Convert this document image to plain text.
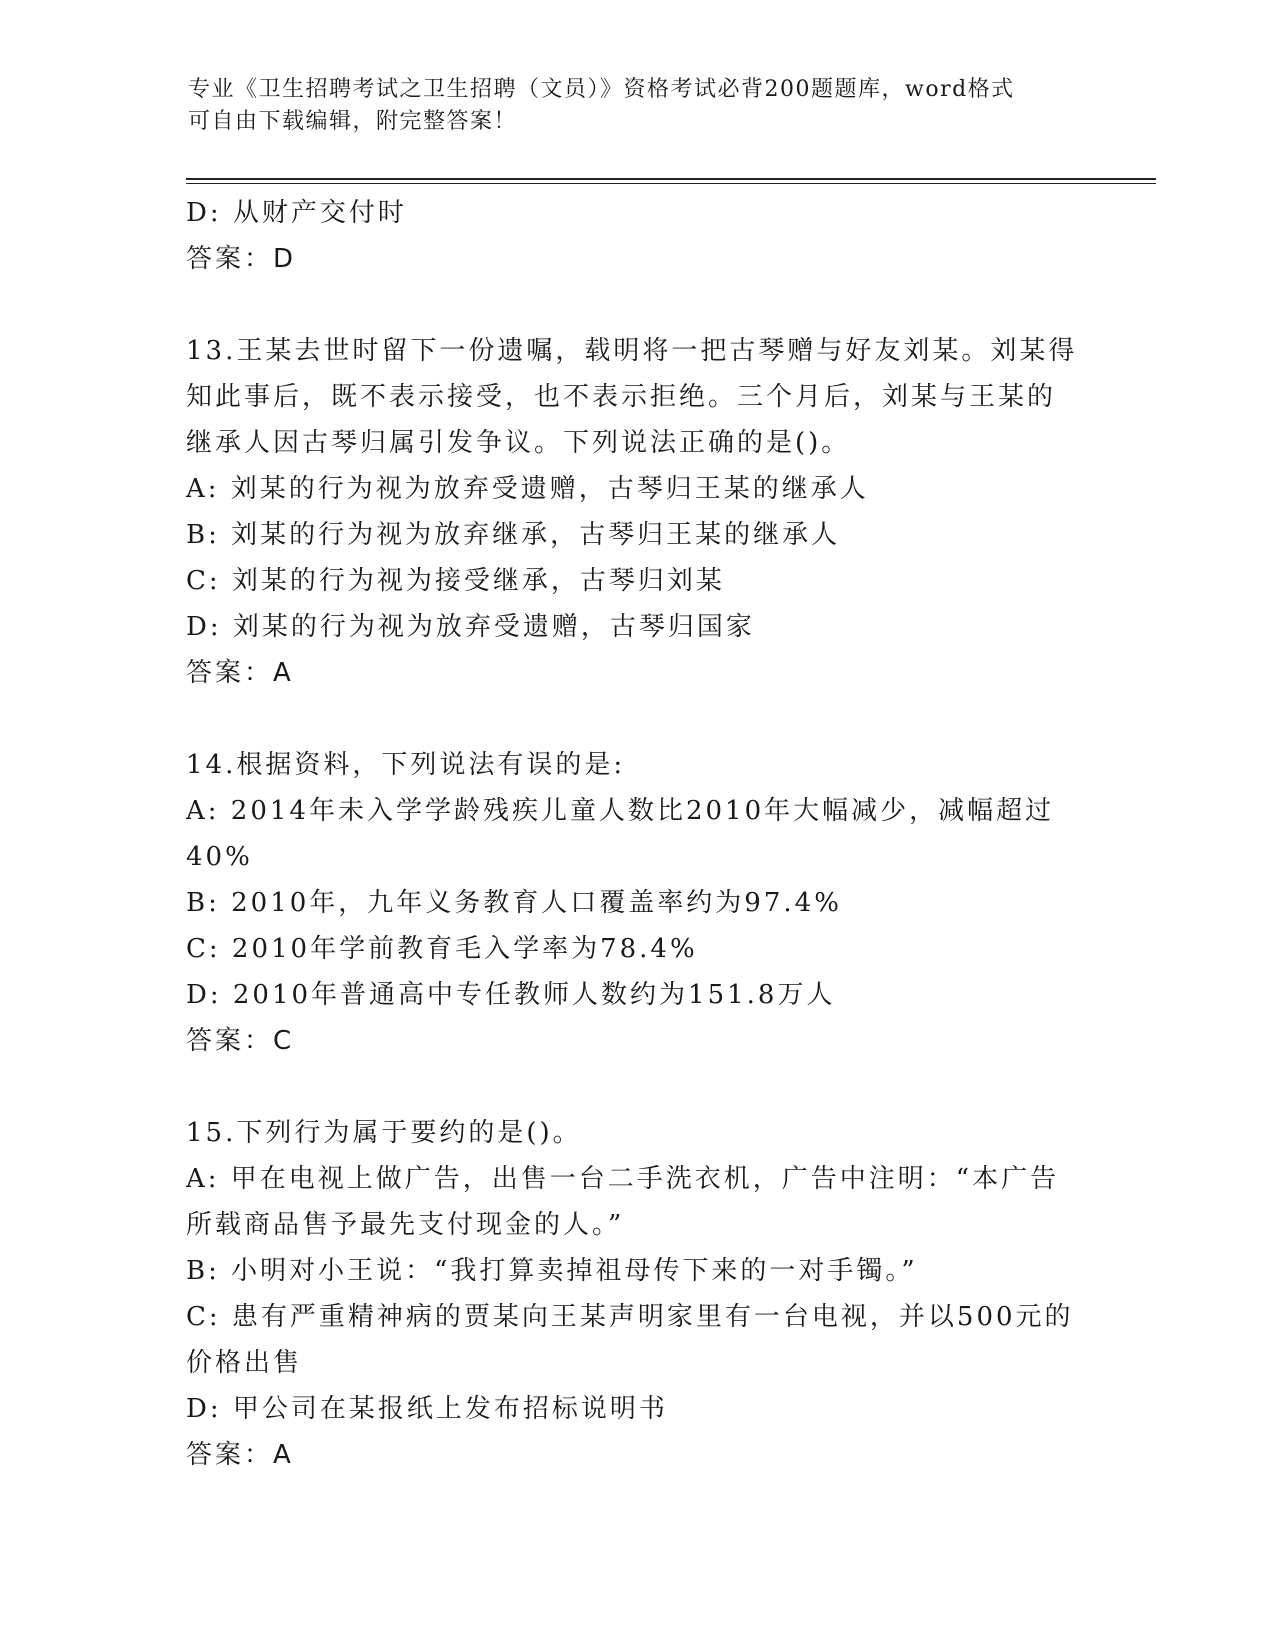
专业《卫生招聘考试之卫生招聘（文员）》资格考试必背200题题库，word格式
可自由下载编辑，附完整答案！
D: 从财产交付时
答案：D
13.王某去世时留下一份遗嘱，载明将一把古琴赠与好友刘某。刘某得
知此事后，既不表示接受，也不表示拒绝。三个月后，刘某与王某的
继承人因古琴归属引发争议。下列说法正确的是()。
A: 刘某的行为视为放弃受遗赠，古琴归王某的继承人
B: 刘某的行为视为放弃继承，古琴归王某的继承人
C: 刘某的行为视为接受继承，古琴归刘某
D: 刘某的行为视为放弃受遗赠，古琴归国家
答案：A
14.根据资料，下列说法有误的是:
A: 2014年未入学学龄残疾儿童人数比2010年大幅减少，减幅超过
40%
B: 2010年，九年义务教育人口覆盖率约为97.4%
C: 2010年学前教育毛入学率为78.4%
D: 2010年普通高中专任教师人数约为151.8万人
答案：C
15.下列行为属于要约的是()。
A: 甲在电视上做广告，出售一台二手洗衣机，广告中注明：“本广告
所载商品售予最先支付现金的人。”
B: 小明对小王说：“我打算卖掉祖母传下来的一对手镯。”
C: 患有严重精神病的贾某向王某声明家里有一台电视，并以500元的
价格出售
D: 甲公司在某报纸上发布招标说明书
答案：A
